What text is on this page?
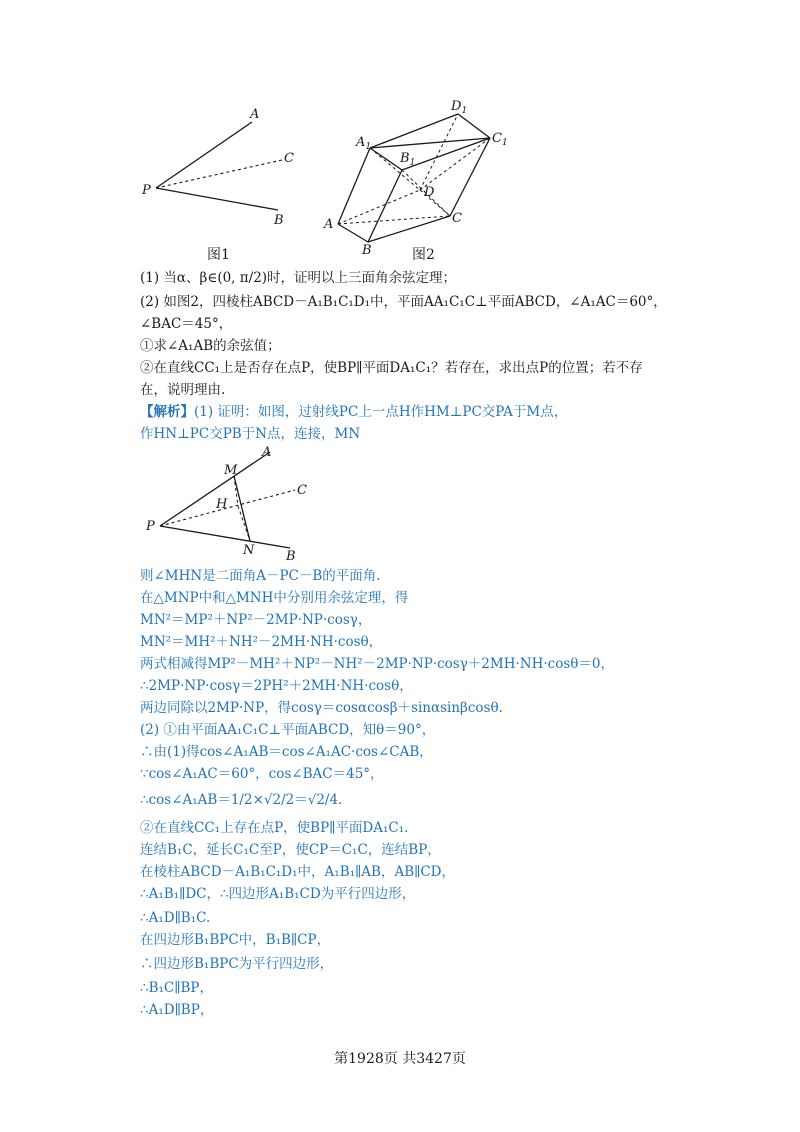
A
C
P
B
图1
$D_1$
$A_1$
$C_1$
$B_1$
D
C
A
B	图2
(1) 当α、β∈(0, π/2)时，证明以上三面角余弦定理；
(2) 如图2，四棱柱ABCD－A₁B₁C₁D₁中，平面AA₁C₁C⊥平面ABCD，∠A₁AC＝60°，
∠BAC＝45°，
①求∠A₁AB的余弦值；
②在直线CC₁上是否存在点P，使BP∥平面DA₁C₁？若存在，求出点P的位置；若不存
在，说明理由.
【解析】(1) 证明：如图，过射线PC上一点H作HM⊥PC交PA于M点，
作HN⊥PC交PB于N点，连接，MN
A
M
H
C
P
N B
则∠MHN是二面角A－PC－B的平面角.
在△MNP中和△MNH中分别用余弦定理，得
MN²＝MP²＋NP²－2MP·NP·cosγ，
MN²＝MH²＋NH²－2MH·NH·cosθ，
两式相减得MP²－MH²＋NP²－NH²－2MP·NP·cosγ＋2MH·NH·cosθ＝0，
∴2MP·NP·cosγ＝2PH²＋2MH·NH·cosθ，
两边同除以2MP·NP，得cosγ＝cosαcosβ＋sinαsinβcosθ.
(2) ①由平面AA₁C₁C⊥平面ABCD，知θ＝90°，
∴由(1)得cos∠A₁AB＝cos∠A₁AC·cos∠CAB，
∵cos∠A₁AC＝60°，cos∠BAC＝45°，
∴cos∠A₁AB＝1/2×√2/2＝√2/4.
②在直线CC₁上存在点P，使BP∥平面DA₁C₁.
连结B₁C，延长C₁C至P，使CP＝C₁C，连结BP，
在棱柱ABCD－A₁B₁C₁D₁中，A₁B₁∥AB，AB∥CD，
∴A₁B₁∥DC，∴四边形A₁B₁CD为平行四边形，
∴A₁D∥B₁C.
在四边形B₁BPC中，B₁B∥CP，
∴四边形B₁BPC为平行四边形，
∴B₁C∥BP，
∴A₁D∥BP，
第1928页 共3427页
